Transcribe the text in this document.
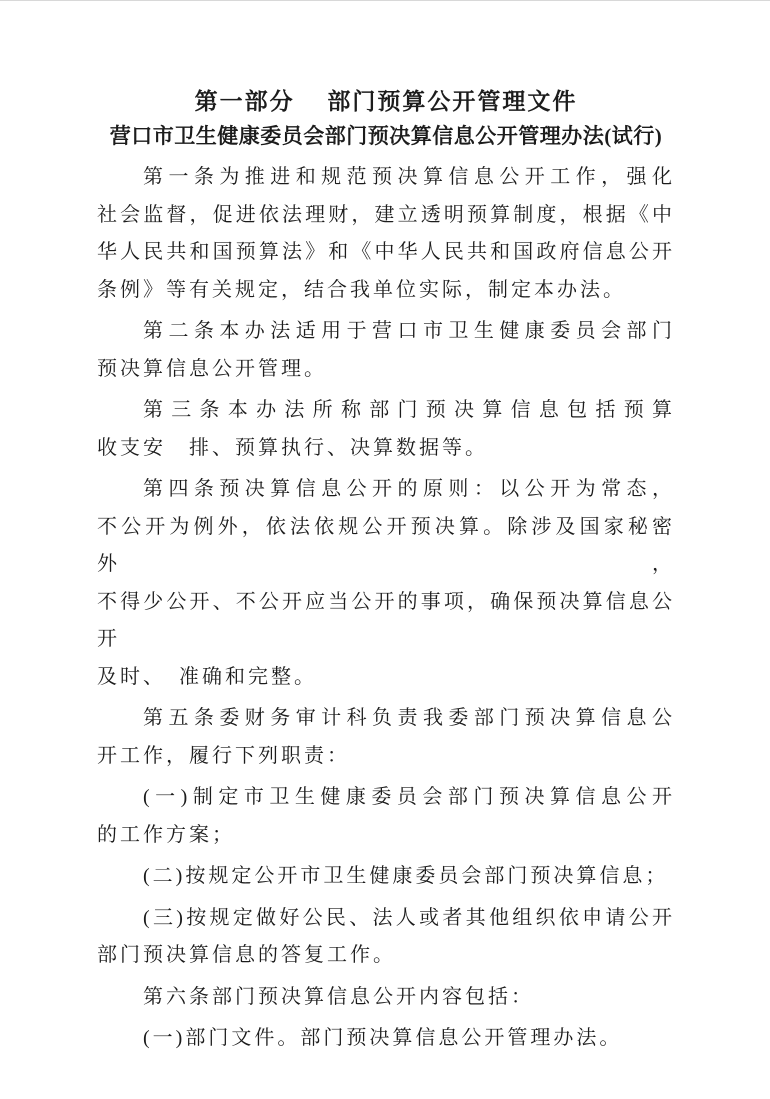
第一部分　 部门预算公开管理文件
营口市卫生健康委员会部门预决算信息公开管理办法(试行)
第一条为推进和规范预决算信息公开工作，强化
社会监督，促进依法理财，建立透明预算制度，根据《中
华人民共和国预算法》和《中华人民共和国政府信息公开
条例》等有关规定，结合我单位实际，制定本办法。
第二条本办法适用于营口市卫生健康委员会部门
预决算信息公开管理。
第三条本办法所称部门预决算信息包括预算
收支安　排、预算执行、决算数据等。
第四条预决算信息公开的原则：以公开为常态，
不公开为例外，依法依规公开预决算。除涉及国家秘密外，
不得少公开、不公开应当公开的事项，确保预决算信息公开
及时、　准确和完整。
第五条委财务审计科负责我委部门预决算信息公
开工作，履行下列职责：
(一)制定市卫生健康委员会部门预决算信息公开
的工作方案；
(二)按规定公开市卫生健康委员会部门预决算信息；
(三)按规定做好公民、法人或者其他组织依申请公开
部门预决算信息的答复工作。
第六条部门预决算信息公开内容包括：
(一)部门文件。部门预决算信息公开管理办法。
